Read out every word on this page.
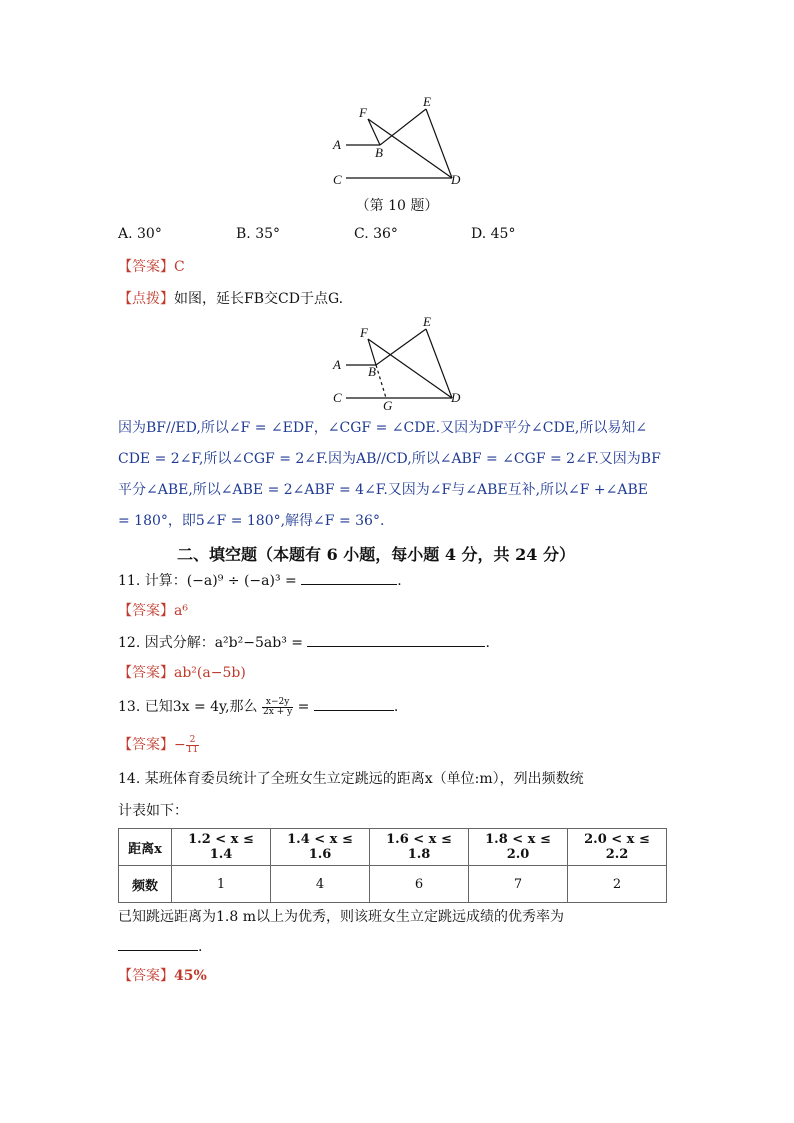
F
E
A
B
C	D
（第 10 题）
A. 30°	B. 35°	C. 36°	D. 45°
【答案】C
【点拨】如图，延长FB交CD于点G.
F
E
A B
C
G
D
因为BF//ED,所以∠F = ∠EDF，∠CGF = ∠CDE.又因为DF平分∠CDE,所以易知∠
CDE = 2∠F,所以∠CGF = 2∠F.因为AB//CD,所以∠ABF = ∠CGF = 2∠F.又因为BF
平分∠ABE,所以∠ABE = 2∠ABF = 4∠F.又因为∠F与∠ABE互补,所以∠F +∠ABE
= 180°，即5∠F = 180°,解得∠F = 36°.
二、填空题（本题有 6 小题，每小题 4 分，共 24 分）
11. 计算：(−a)⁹ ÷ (−a)³ =	.
【答案】a⁶
12. 因式分解：a²b²−5ab³ =	.
【答案】ab²(a−5b)
13. 已知3x = 4y,那么 $\frac{x-2y}{2x + y}$ =	.
【答案】− $\frac{2}{11}$
14. 某班体育委员统计了全班女生立定跳远的距离x（单位:m），列出频数统
计表如下：
距离x	1.2 < x ≤ 1.4	1.4 < x ≤ 1.6	1.6 < x ≤ 1.8	1.8 < x ≤ 2.0	2.0 < x ≤ 2.2
频数	1	4	6	7	2
已知跳远距离为1.8 m以上为优秀，则该班女生立定跳远成绩的优秀率为
.
【答案】45%
